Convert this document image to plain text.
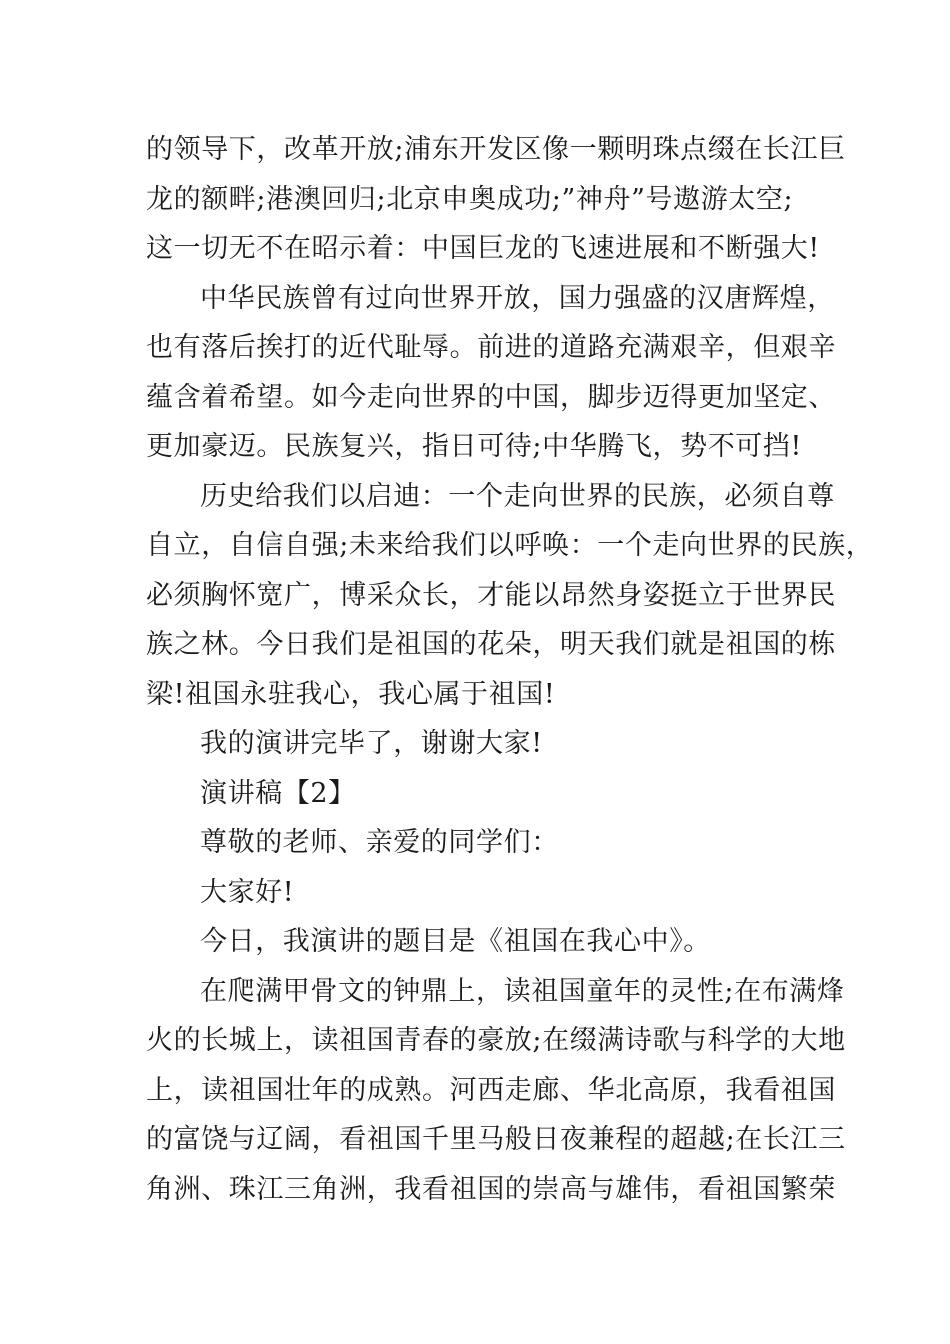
的领导下，改革开放;浦东开发区像一颗明珠点缀在长江巨
龙的额畔;港澳回归;北京申奥成功;”神舟”号遨游太空;
这一切无不在昭示着：中国巨龙的飞速进展和不断强大!

中华民族曾有过向世界开放，国力强盛的汉唐辉煌，
也有落后挨打的近代耻辱。前进的道路充满艰辛，但艰辛
蕴含着希望。如今走向世界的中国，脚步迈得更加坚定、
更加豪迈。民族复兴，指日可待;中华腾飞，势不可挡!

历史给我们以启迪：一个走向世界的民族，必须自尊
自立，自信自强;未来给我们以呼唤：一个走向世界的民族，
必须胸怀宽广，博采众长，才能以昂然身姿挺立于世界民
族之林。今日我们是祖国的花朵，明天我们就是祖国的栋
梁!祖国永驻我心，我心属于祖国!

我的演讲完毕了，谢谢大家!

演讲稿【2】

尊敬的老师、亲爱的同学们：

大家好!

今日，我演讲的题目是《祖国在我心中》。

在爬满甲骨文的钟鼎上，读祖国童年的灵性;在布满烽
火的长城上，读祖国青春的豪放;在缀满诗歌与科学的大地
上，读祖国壮年的成熟。河西走廊、华北高原，我看祖国
的富饶与辽阔，看祖国千里马般日夜兼程的超越;在长江三
角洲、珠江三角洲，我看祖国的崇高与雄伟，看祖国繁荣
